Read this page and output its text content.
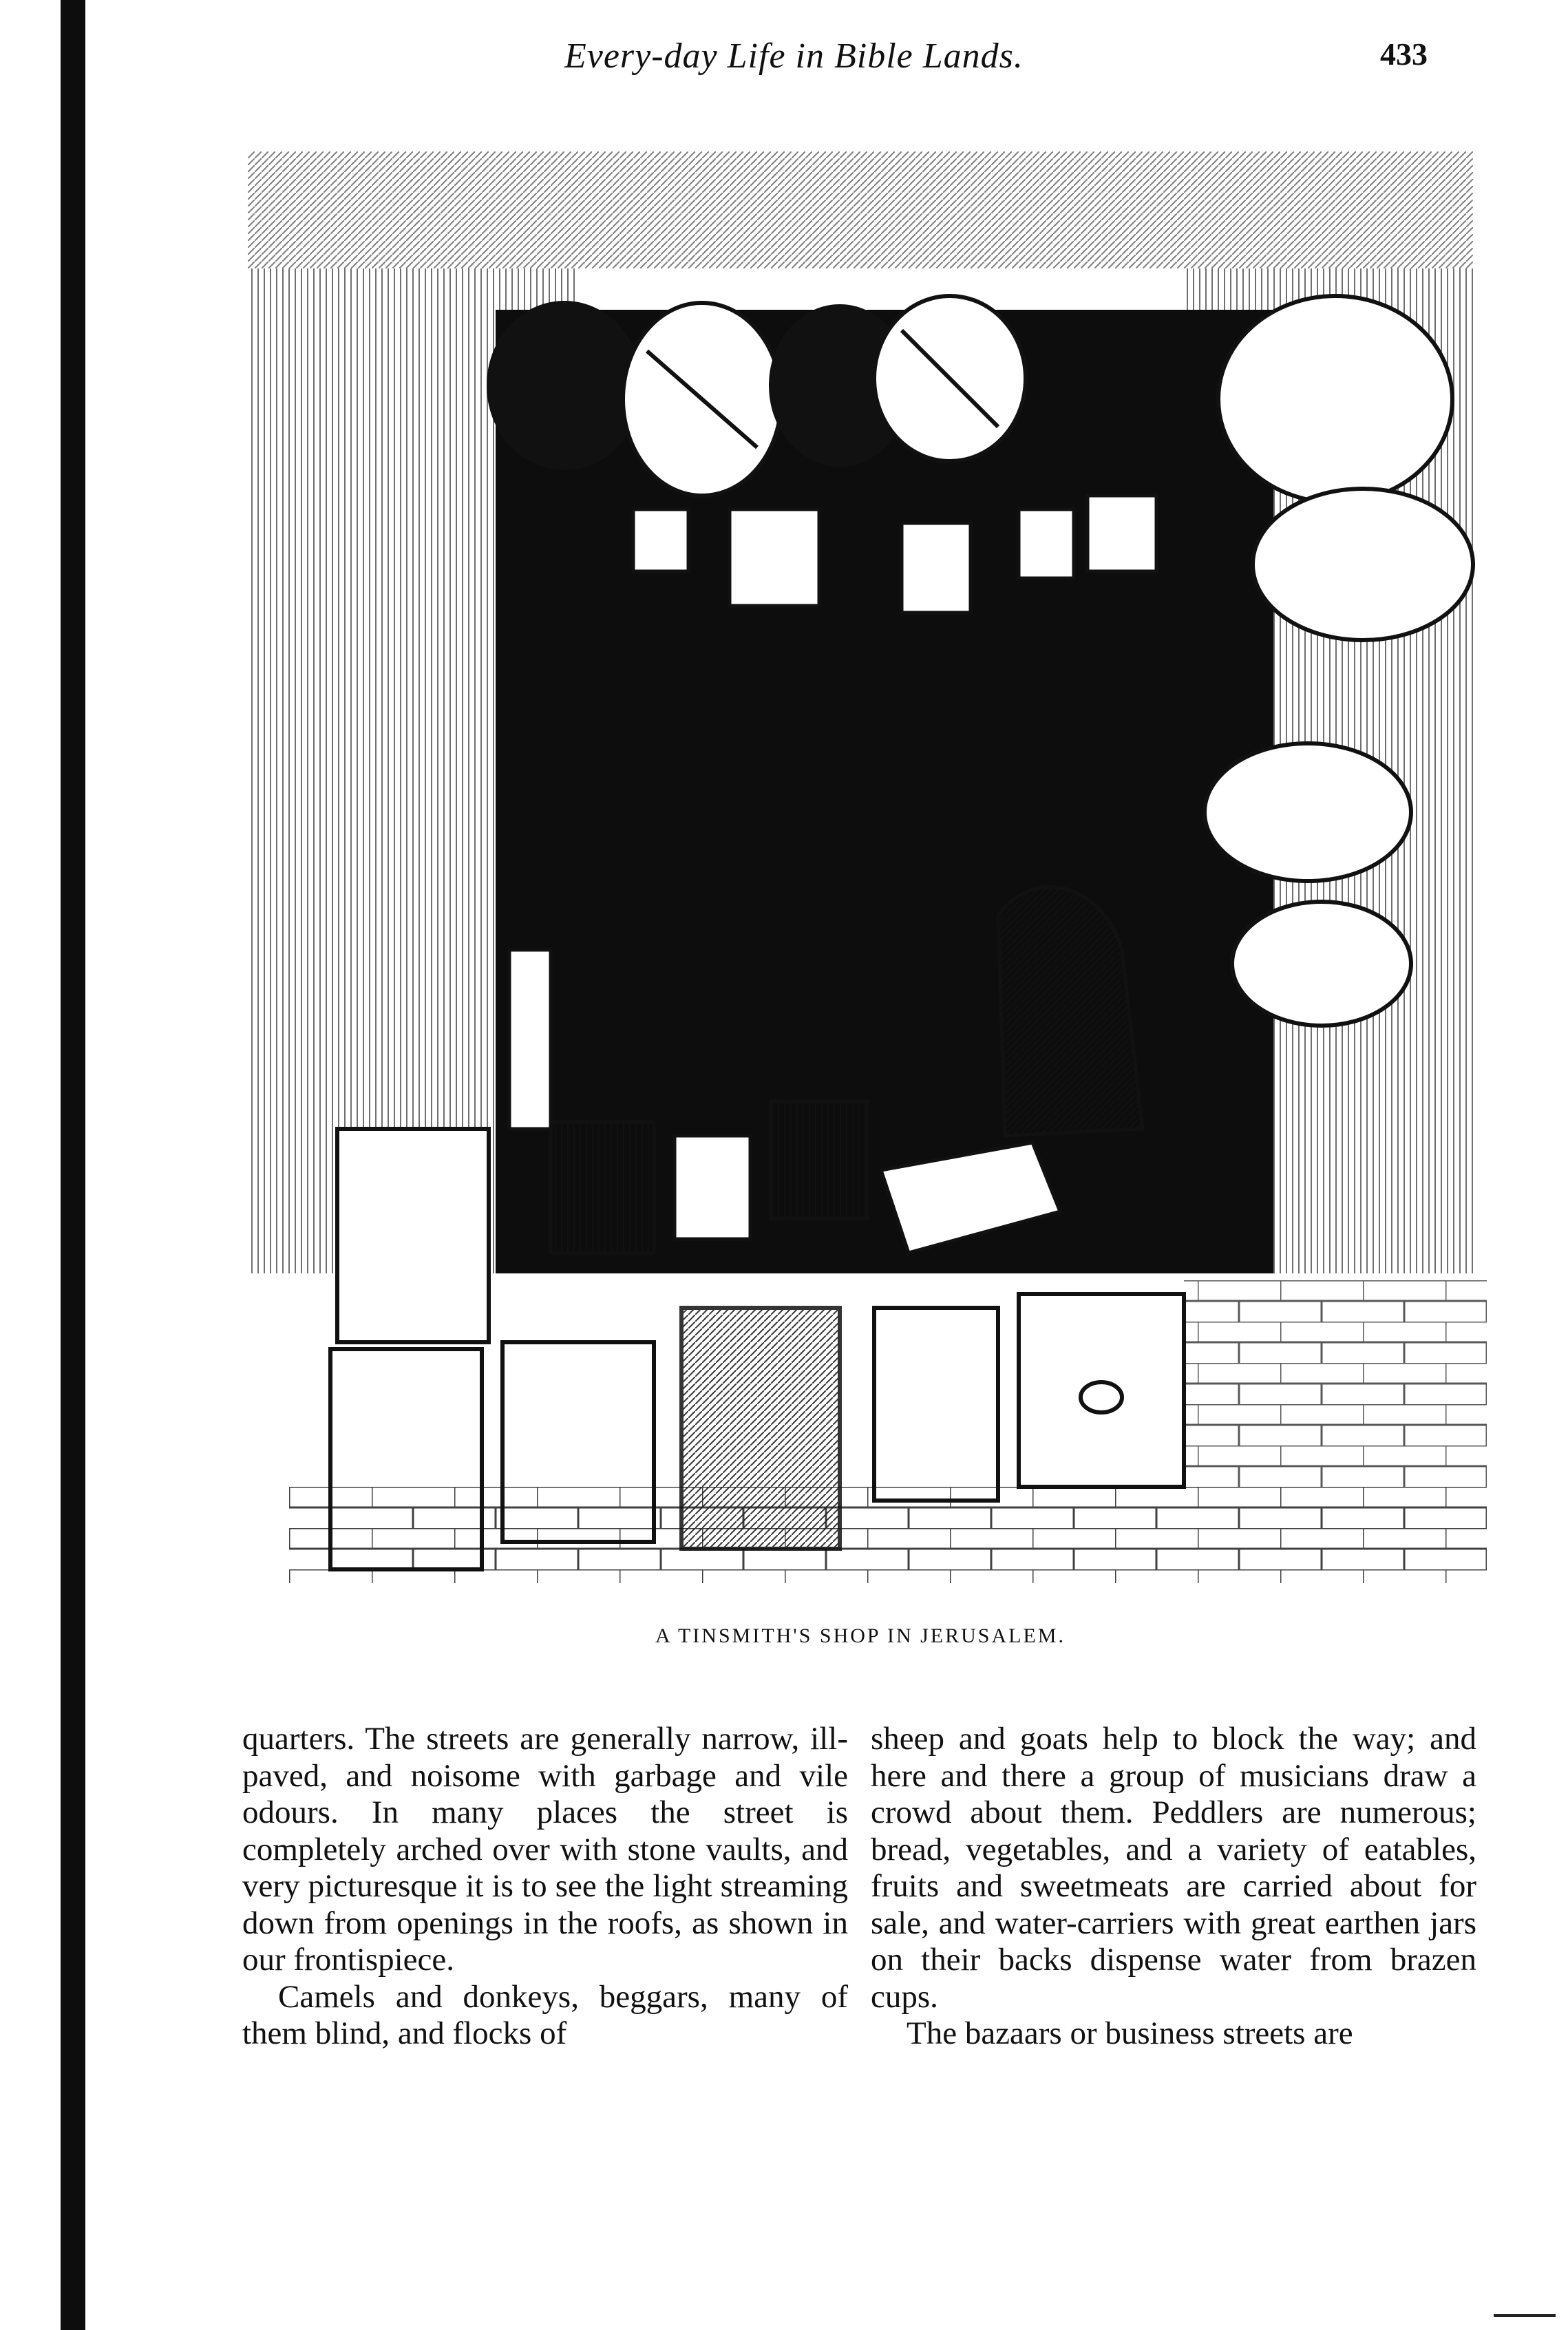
Every-day Life in Bible Lands.	433
A TINSMITH'S SHOP IN JERUSALEM.

quarters. The streets are generally narrow, ill-paved, and noisome with garbage and vile odours. In many places the street is completely arched over with stone vaults, and very picturesque it is to see the light streaming down from openings in the roofs, as shown in our frontispiece.

Camels and donkeys, beggars, many of them blind, and flocks of

sheep and goats help to block the way; and here and there a group of musicians draw a crowd about them. Peddlers are numerous; bread, vegetables, and a variety of eatables, fruits and sweetmeats are carried about for sale, and water-carriers with great earthen jars on their backs dispense water from brazen cups.

The bazaars or business streets are
